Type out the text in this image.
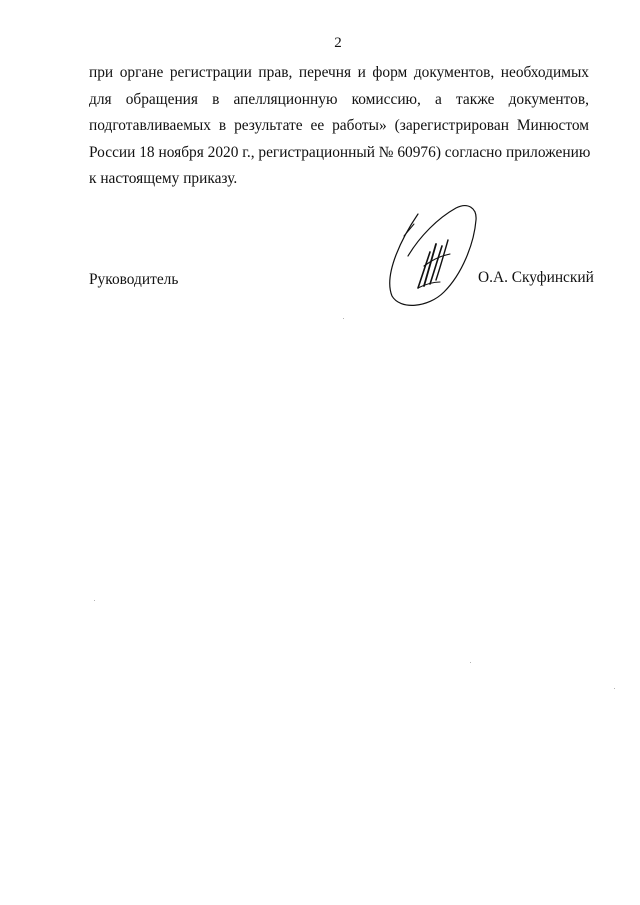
2
при органе регистрации прав, перечня и форм документов, необходимых
для обращения в апелляционную комиссию, а также документов,
подготавливаемых в результате ее работы» (зарегистрирован Минюстом
России 18 ноября 2020 г., регистрационный № 60976) согласно приложению
к настоящему приказу.
Руководитель	О.А. Скуфинский
